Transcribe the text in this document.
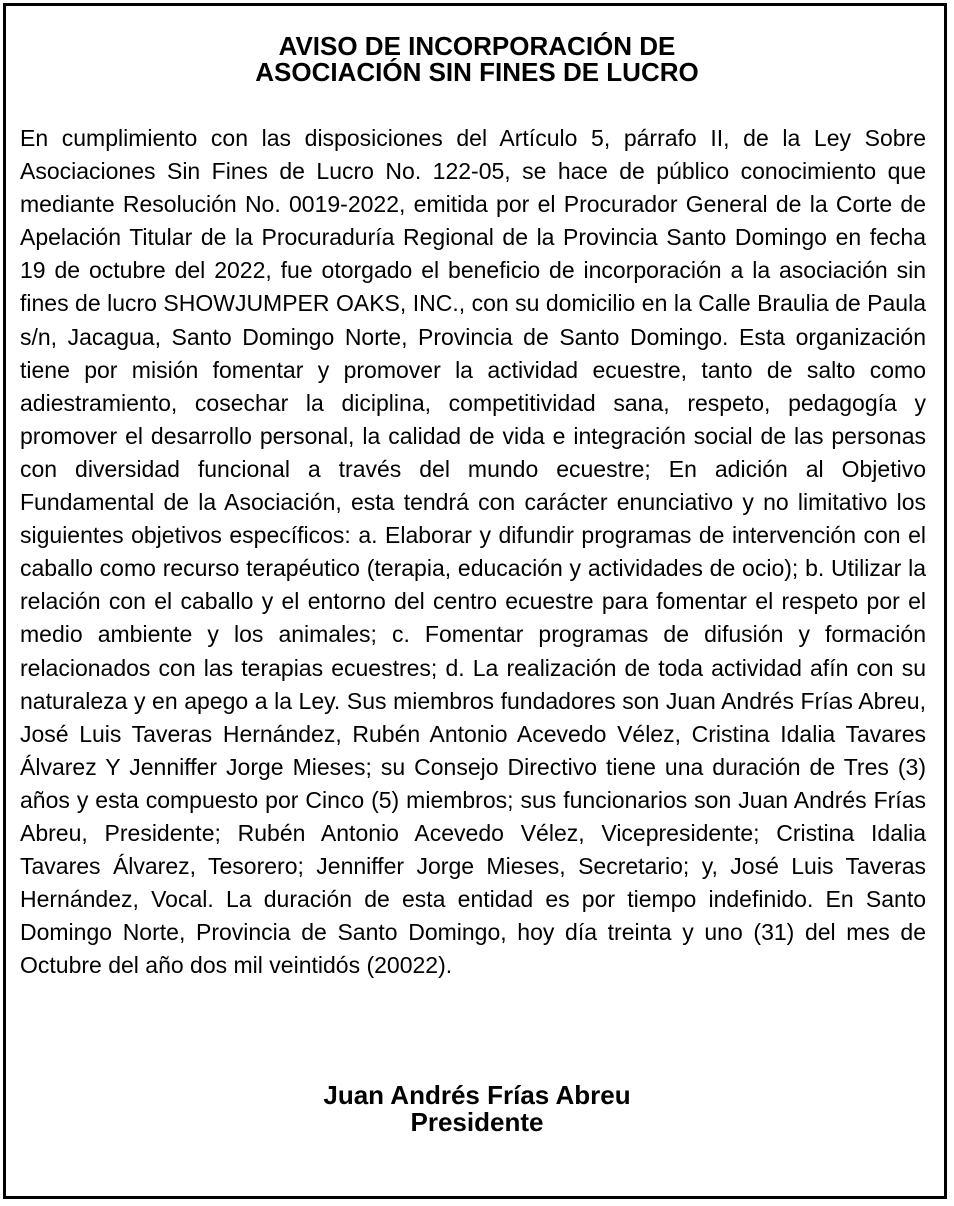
AVISO DE INCORPORACIÓN DE
ASOCIACIÓN SIN FINES DE LUCRO

En cumplimiento con las disposiciones del Artículo 5, párrafo II, de la Ley Sobre Asociaciones Sin Fines de Lucro No. 122-05, se hace de público conocimiento que mediante Resolución No. 0019-2022, emitida por el Procurador General de la Corte de Apelación Titular de la Procuraduría Regional de la Provincia Santo Domingo en fecha 19 de octubre del 2022, fue otorgado el beneficio de incorporación a la asociación sin fines de lucro SHOWJUMPER OAKS, INC., con su domicilio en la Calle Braulia de Paula s/n, Jacagua, Santo Domingo Norte, Provincia de Santo Domingo. Esta organización tiene por misión fomentar y promover la actividad ecuestre, tanto de salto como adiestramiento, cosechar la diciplina, competitividad sana, respeto, pedagogía y promover el desarrollo personal, la calidad de vida e integración social de las personas con diversidad funcional a través del mundo ecuestre; En adición al Objetivo Fundamental de la Asociación, esta tendrá con carácter enunciativo y no limitativo los siguientes objetivos específicos: a. Elaborar y difundir programas de intervención con el caballo como recurso terapéutico (terapia, educación y actividades de ocio); b. Utilizar la relación con el caballo y el entorno del centro ecuestre para fomentar el respeto por el medio ambiente y los animales; c. Fomentar programas de difusión y formación relacionados con las terapias ecuestres; d. La realización de toda actividad afín con su naturaleza y en apego a la Ley. Sus miembros fundadores son Juan Andrés Frías Abreu, José Luis Taveras Hernández, Rubén Antonio Acevedo Vélez, Cristina Idalia Tavares Álvarez Y Jenniffer Jorge Mieses; su Consejo Directivo tiene una duración de Tres (3) años y esta compuesto por Cinco (5) miembros; sus funcionarios son Juan Andrés Frías Abreu, Presidente; Rubén Antonio Acevedo Vélez, Vicepresidente; Cristina Idalia Tavares Álvarez, Tesorero; Jenniffer Jorge Mieses, Secretario; y, José Luis Taveras Hernández, Vocal. La duración de esta entidad es por tiempo indefinido. En Santo Domingo Norte, Provincia de Santo Domingo, hoy día treinta y uno (31) del mes de Octubre del año dos mil veintidós (20022).

Juan Andrés Frías Abreu
Presidente
